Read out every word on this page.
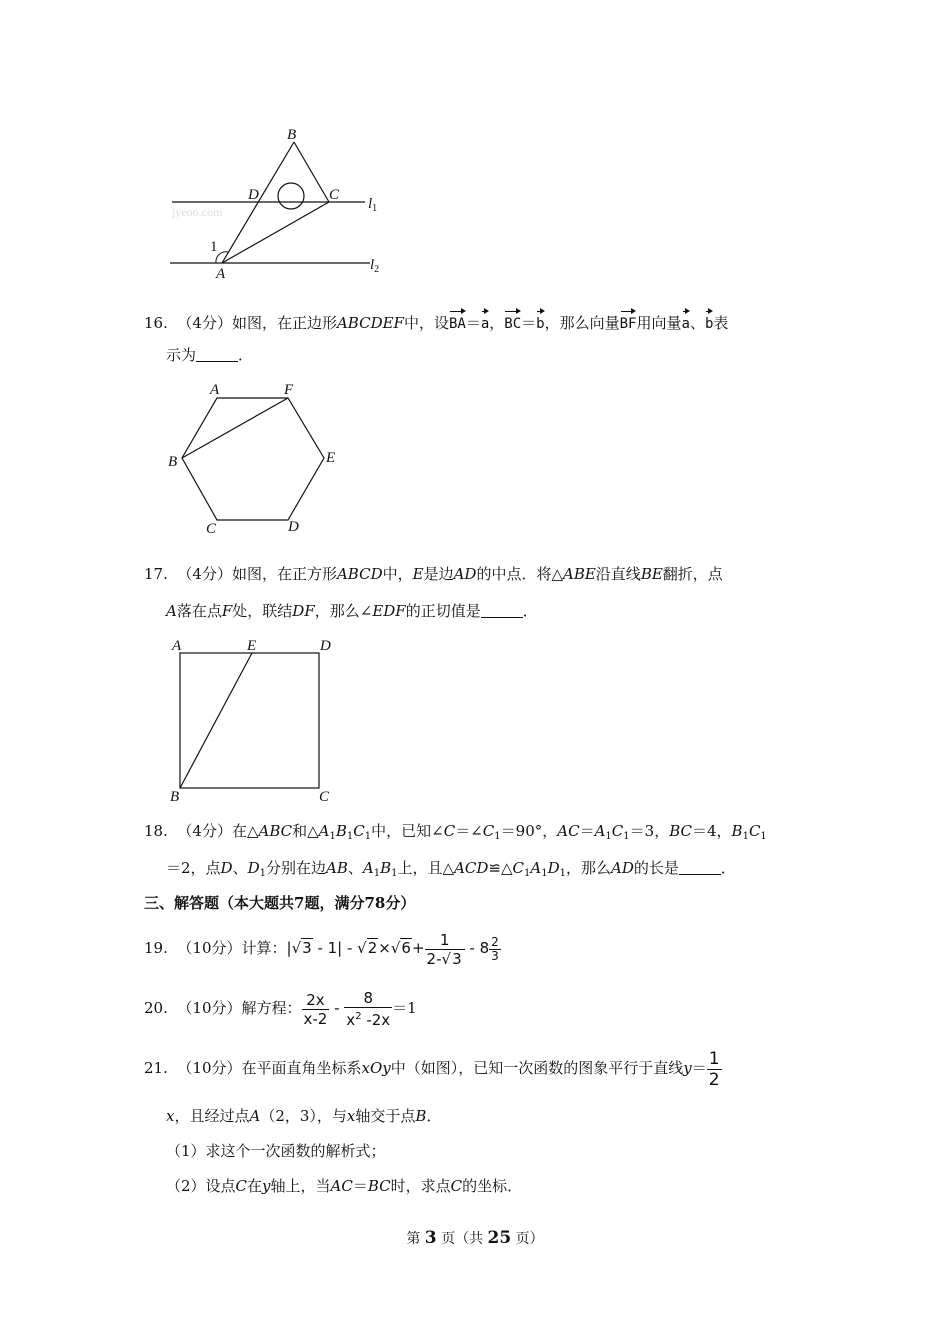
B
D	C
1
A
$l_1$
$l_2$
jyeoo.com
16. （4分）如图，在正边形ABCDEF中，设BA＝a，BC＝b，那么向量BF用向量a、b表
示为	．
A	F
B	E
C	D
17. （4分）如图，在正方形ABCD中，E是边AD的中点．将△ABE沿直线BE翻折，点
A落在点F处，联结DF，那么∠EDF的正切值是	．
A	E	D
B	C
18. （4分）在△ABC和$\triangle A_1B_1C_1$中，已知$\angle C=\angle C_1=90^\circ$，$AC=A_1C_1=3$，BC＝4，$B_1C_1$
＝2，点D、$D_1$分别在边AB、$A_1B_1$上，且$\triangle ACD≌\triangle C_1A_1D_1$，那么AD的长是	．
三、解答题（本大题共7题，满分78分）
19. （10分）计算：$|√3 - 1| - √2\times√6+ \frac{1}{2-√3} - 8 \frac{2}{3}$
20. （10分）解方程： $\frac{2x}{x-2} - \frac{8}{x^2 -2x} =1$
21. （10分）在平面直角坐标系xOy中（如图），已知一次函数的图象平行于直线$y= \frac{1}{2}$
x，且经过点A（2，3），与x轴交于点B．
（1）求这个一次函数的解析式；
（2）设点C在y轴上，当AC＝BC时，求点C的坐标．
第 3 页（共 25 页）
